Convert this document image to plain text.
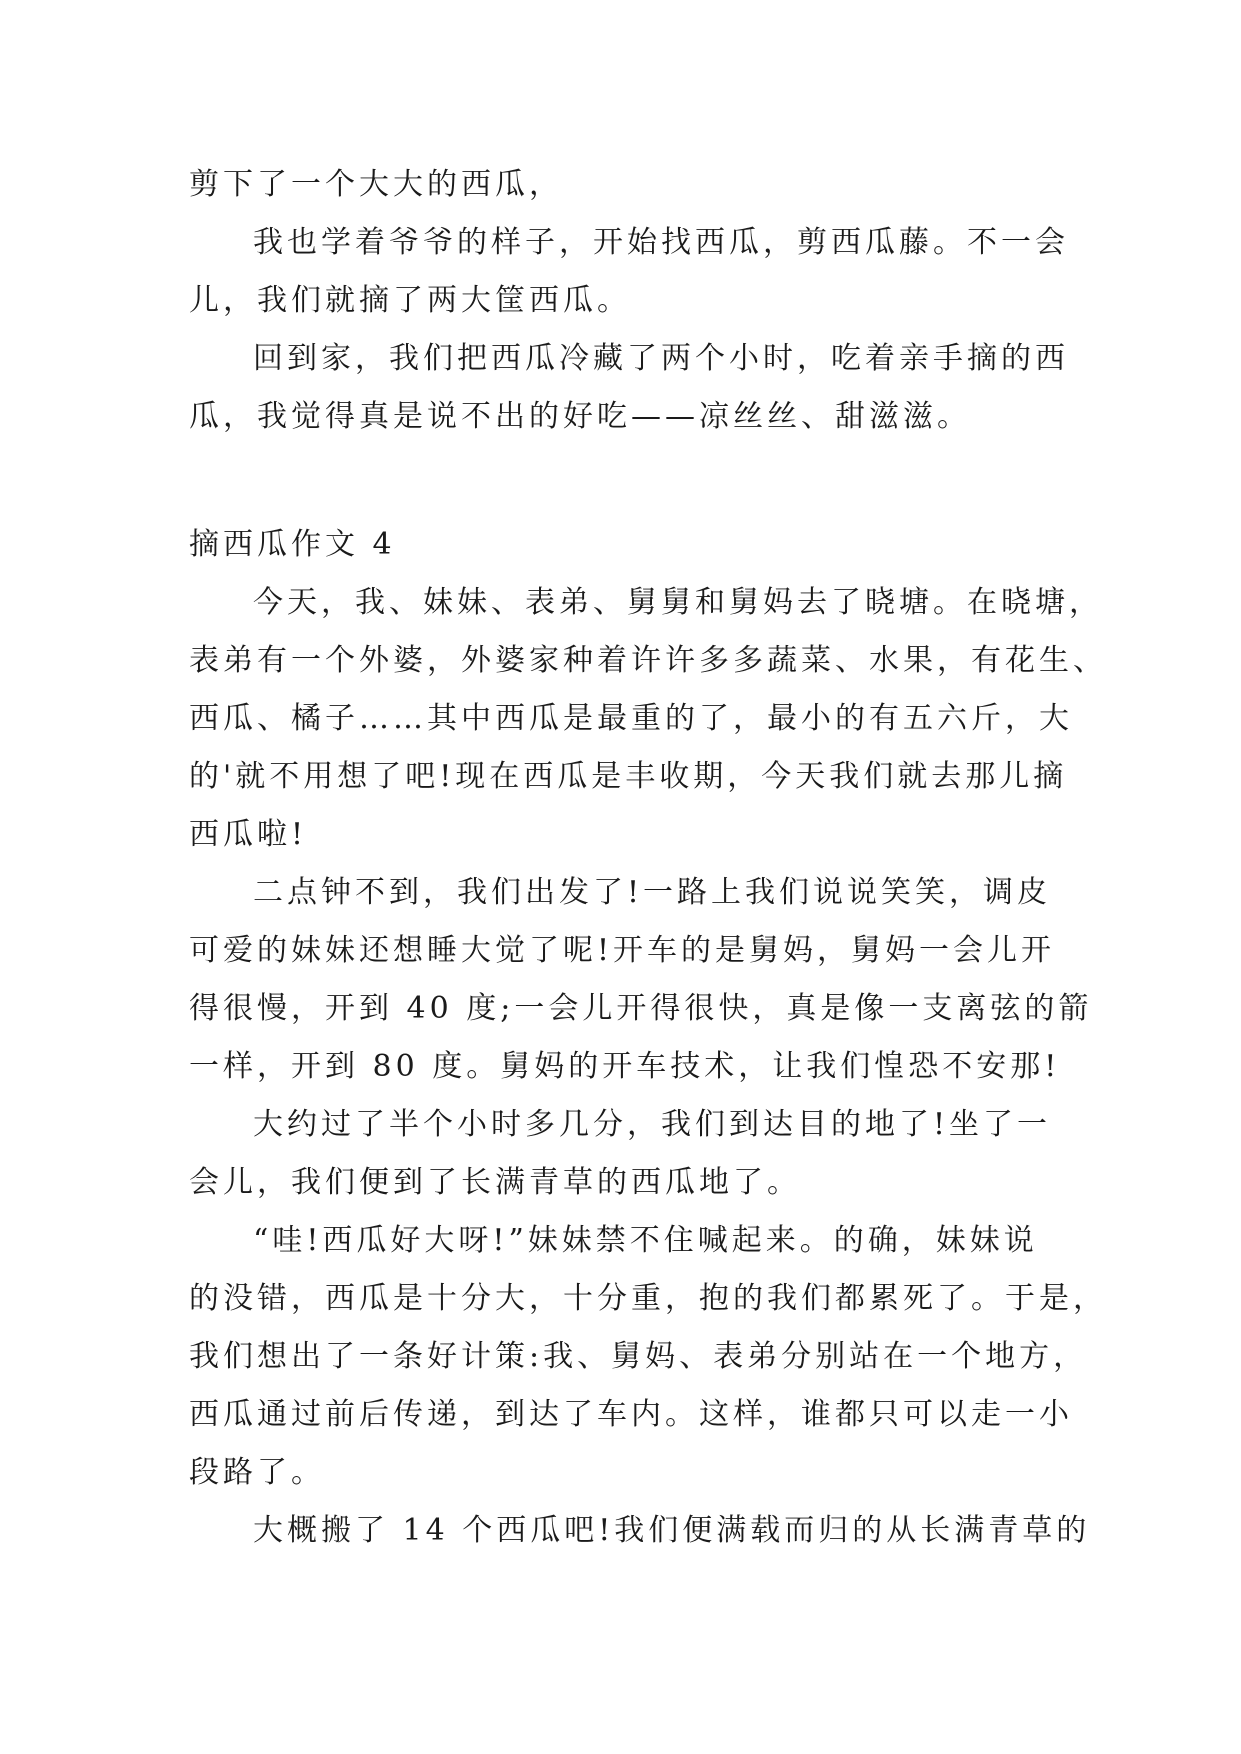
剪下了一个大大的西瓜，
我也学着爷爷的样子，开始找西瓜，剪西瓜藤。不一会
儿，我们就摘了两大筐西瓜。
回到家，我们把西瓜冷藏了两个小时，吃着亲手摘的西
瓜，我觉得真是说不出的好吃——凉丝丝、甜滋滋。
摘西瓜作文 4
今天，我、妹妹、表弟、舅舅和舅妈去了晓塘。在晓塘，
表弟有一个外婆，外婆家种着许许多多蔬菜、水果，有花生、
西瓜、橘子……其中西瓜是最重的了，最小的有五六斤，大
的'就不用想了吧!现在西瓜是丰收期，今天我们就去那儿摘
西瓜啦!
二点钟不到，我们出发了!一路上我们说说笑笑，调皮
可爱的妹妹还想睡大觉了呢!开车的是舅妈，舅妈一会儿开
得很慢，开到 40 度;一会儿开得很快，真是像一支离弦的箭
一样，开到 80 度。舅妈的开车技术，让我们惶恐不安那!
大约过了半个小时多几分，我们到达目的地了!坐了一
会儿，我们便到了长满青草的西瓜地了。
“哇!西瓜好大呀!”妹妹禁不住喊起来。的确，妹妹说
的没错，西瓜是十分大，十分重，抱的我们都累死了。于是，
我们想出了一条好计策:我、舅妈、表弟分别站在一个地方，
西瓜通过前后传递，到达了车内。这样，谁都只可以走一小
段路了。
大概搬了 14 个西瓜吧!我们便满载而归的从长满青草的
